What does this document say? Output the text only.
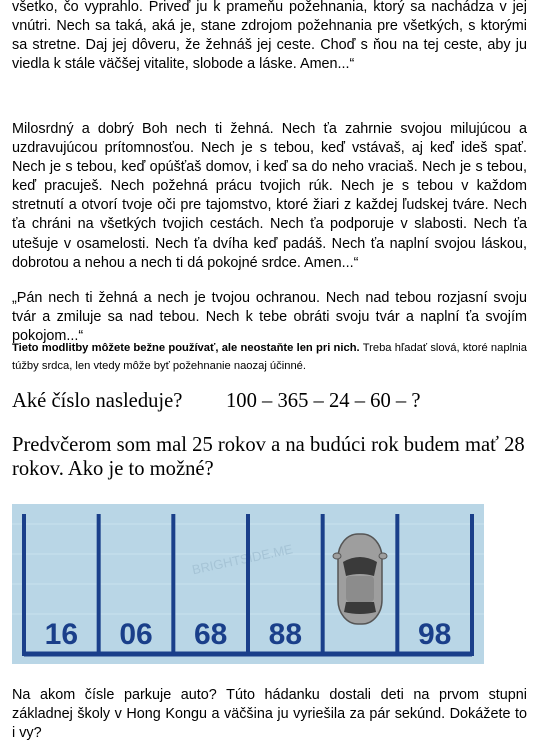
všetko, čo vyprahlo. Priveď ju k prameňu požehnania, ktorý sa nachádza v jej vnútri. Nech sa taká, aká je, stane zdrojom požehnania pre všetkých, s ktorými sa stretne. Daj jej dôveru, že žehnáš jej ceste. Choď s ňou na tej ceste, aby ju viedla k stále väčšej vitalite, slobode a láske. Amen...“

Milosrdný a dobrý Boh nech ti žehná. Nech ťa zahrnie svojou milujúcou a uzdravujúcou prítomnosťou. Nech je s tebou, keď vstávaš, aj keď ideš spať. Nech je s tebou, keď opúšťaš domov, i keď sa do neho vraciaš. Nech je s tebou, keď pracuješ. Nech požehná prácu tvojich rúk. Nech je s tebou v každom stretnutí a otvorí tvoje oči pre tajomstvo, ktoré žiari z každej ľudskej tváre. Nech ťa chráni na všetkých tvojich cestách. Nech ťa podporuje v slabosti. Nech ťa utešuje v osamelosti. Nech ťa dvíha keď padáš. Nech ťa naplní svojou láskou, dobrotou a nehou a nech ti dá pokojné srdce. Amen...“

„Pán nech ti žehná a nech je tvojou ochranou. Nech nad tebou rozjasní svoju tvár a zmiluje sa nad tebou. Nech k tebe obráti svoju tvár a naplní ťa svojím pokojom...“

Tieto modlitby môžete bežne používať, ale neostaňte len pri nich. Treba hľadať slová, ktoré naplnia túžby srdca, len vtedy môže byť požehnanie naozaj účinné.

Aké číslo nasleduje? 100 – 365 – 24 – 60 – ?

Predvčerom som mal 25 rokov a na budúci rok budem mať 28 rokov. Ako je to možné?

BRIGHTSIDE.ME
16 06 68 88	98

Na akom čísle parkuje auto? Túto hádanku dostali deti na prvom stupni základnej školy v Hong Kongu a väčšina ju vyriešila za pár sekúnd. Dokážete to i vy?
